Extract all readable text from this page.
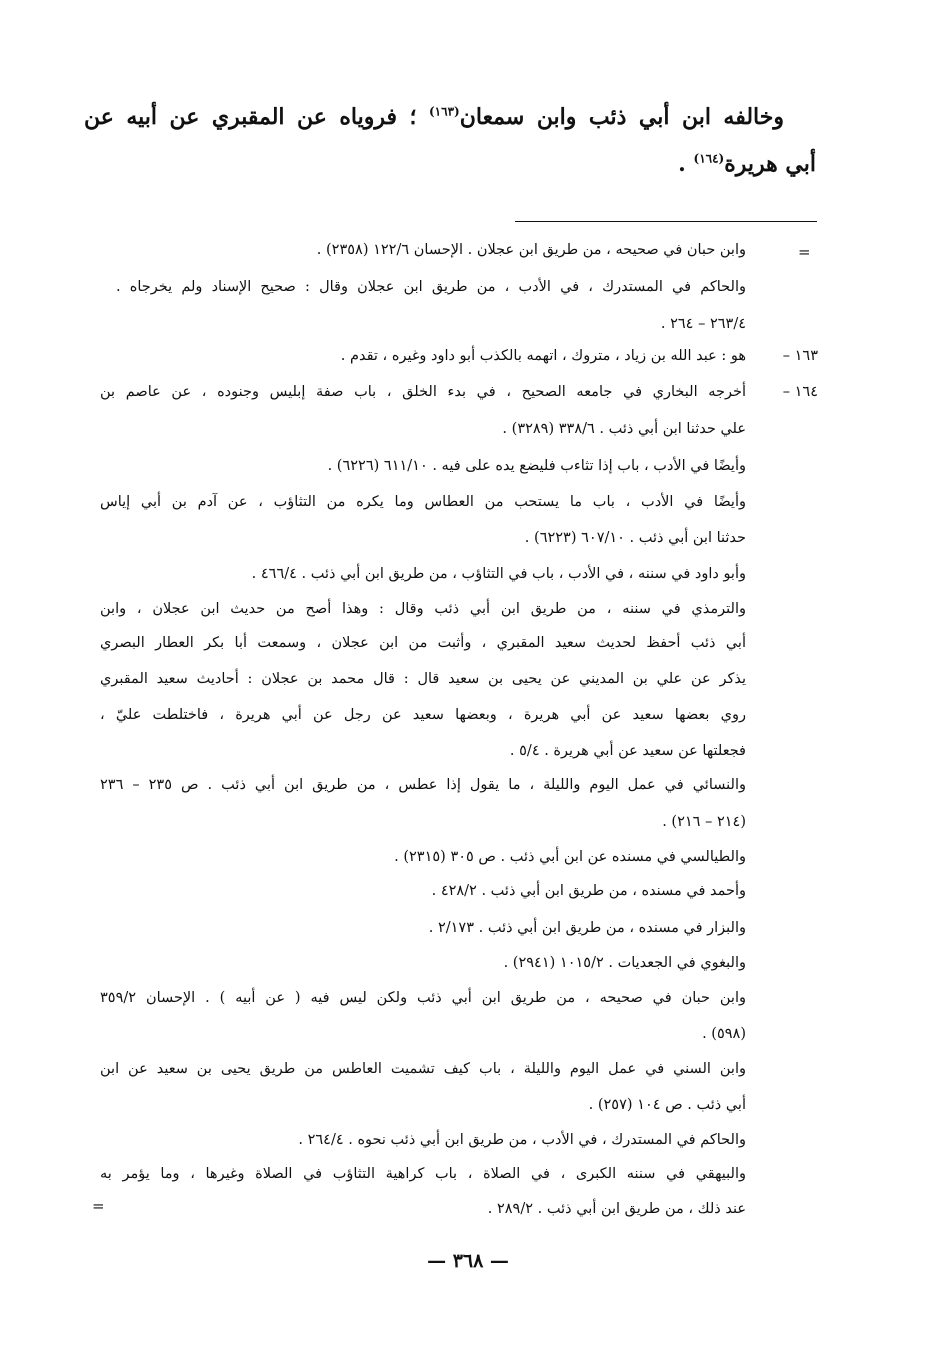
وخالفه ابن أبي ذئب وابن سمعان$^{(١٦٣)}$ ؛ فروياه عن المقبري عن أبيه عن
أبي هريرة$^{(١٦٤)}$ .
=
=
١٦٣ –
١٦٤ –
وابن حبان في صحيحه ، من طريق ابن عجلان . الإحسان ١٢٢/٦ (٢٣٥٨) .
والحاكم في المستدرك ، في الأدب ، من طريق ابن عجلان وقال : صحيح الإسناد ولم يخرجاه .
٢٦٣/٤ – ٢٦٤ .
هو : عبد الله بن زياد ، متروك ، اتهمه بالكذب أبو داود وغيره ، تقدم .
أخرجه البخاري في جامعه الصحيح ، في بدء الخلق ، باب صفة إبليس وجنوده ، عن عاصم بن
علي حدثنا ابن أبي ذئب . ٣٣٨/٦ (٣٢٨٩) .
وأيضًا في الأدب ، باب إذا تثاءب فليضع يده على فيه . ٦١١/١٠ (٦٢٢٦) .
وأيضًا في الأدب ، باب ما يستحب من العطاس وما يكره من التثاؤب ، عن آدم بن أبي إياس
حدثنا ابن أبي ذئب . ٦٠٧/١٠ (٦٢٢٣) .
وأبو داود في سننه ، في الأدب ، باب في التثاؤب ، من طريق ابن أبي ذئب . ٤٦٦/٤ .
والترمذي في سننه ، من طريق ابن أبي ذئب وقال : وهذا أصح من حديث ابن عجلان ، وابن
أبي ذئب أحفظ لحديث سعيد المقبري ، وأثبت من ابن عجلان ، وسمعت أبا بكر العطار البصري
يذكر عن علي بن المديني عن يحيى بن سعيد قال : قال محمد بن عجلان : أحاديث سعيد المقبري
روي بعضها سعيد عن أبي هريرة ، وبعضها سعيد عن رجل عن أبي هريرة ، فاختلطت عليّ ،
فجعلتها عن سعيد عن أبي هريرة . ٥/٤ .
والنسائي في عمل اليوم والليلة ، ما يقول إذا عطس ، من طريق ابن أبي ذئب . ص ٢٣٥ – ٢٣٦
(٢١٤ – ٢١٦) .
والطيالسي في مسنده عن ابن أبي ذئب . ص ٣٠٥ (٢٣١٥) .
وأحمد في مسنده ، من طريق ابن أبي ذئب . ٤٢٨/٢ .
والبزار في مسنده ، من طريق ابن أبي ذئب . ٢/١٧٣ .
والبغوي في الجعديات . ١٠١٥/٢ (٢٩٤١) .
وابن حبان في صحيحه ، من طريق ابن أبي ذئب ولكن ليس فيه ( عن أبيه ) . الإحسان ٣٥٩/٢
(٥٩٨) .
وابن السني في عمل اليوم والليلة ، باب كيف تشميت العاطس من طريق يحيى بن سعيد عن ابن
أبي ذئب . ص ١٠٤ (٢٥٧) .
والحاكم في المستدرك ، في الأدب ، من طريق ابن أبي ذئب نحوه . ٢٦٤/٤ .
والبيهقي في سننه الكبرى ، في الصلاة ، باب كراهية التثاؤب في الصلاة وغيرها ، وما يؤمر به
عند ذلك ، من طريق ابن أبي ذئب . ٢٨٩/٢ .
— ٣٦٨ —
